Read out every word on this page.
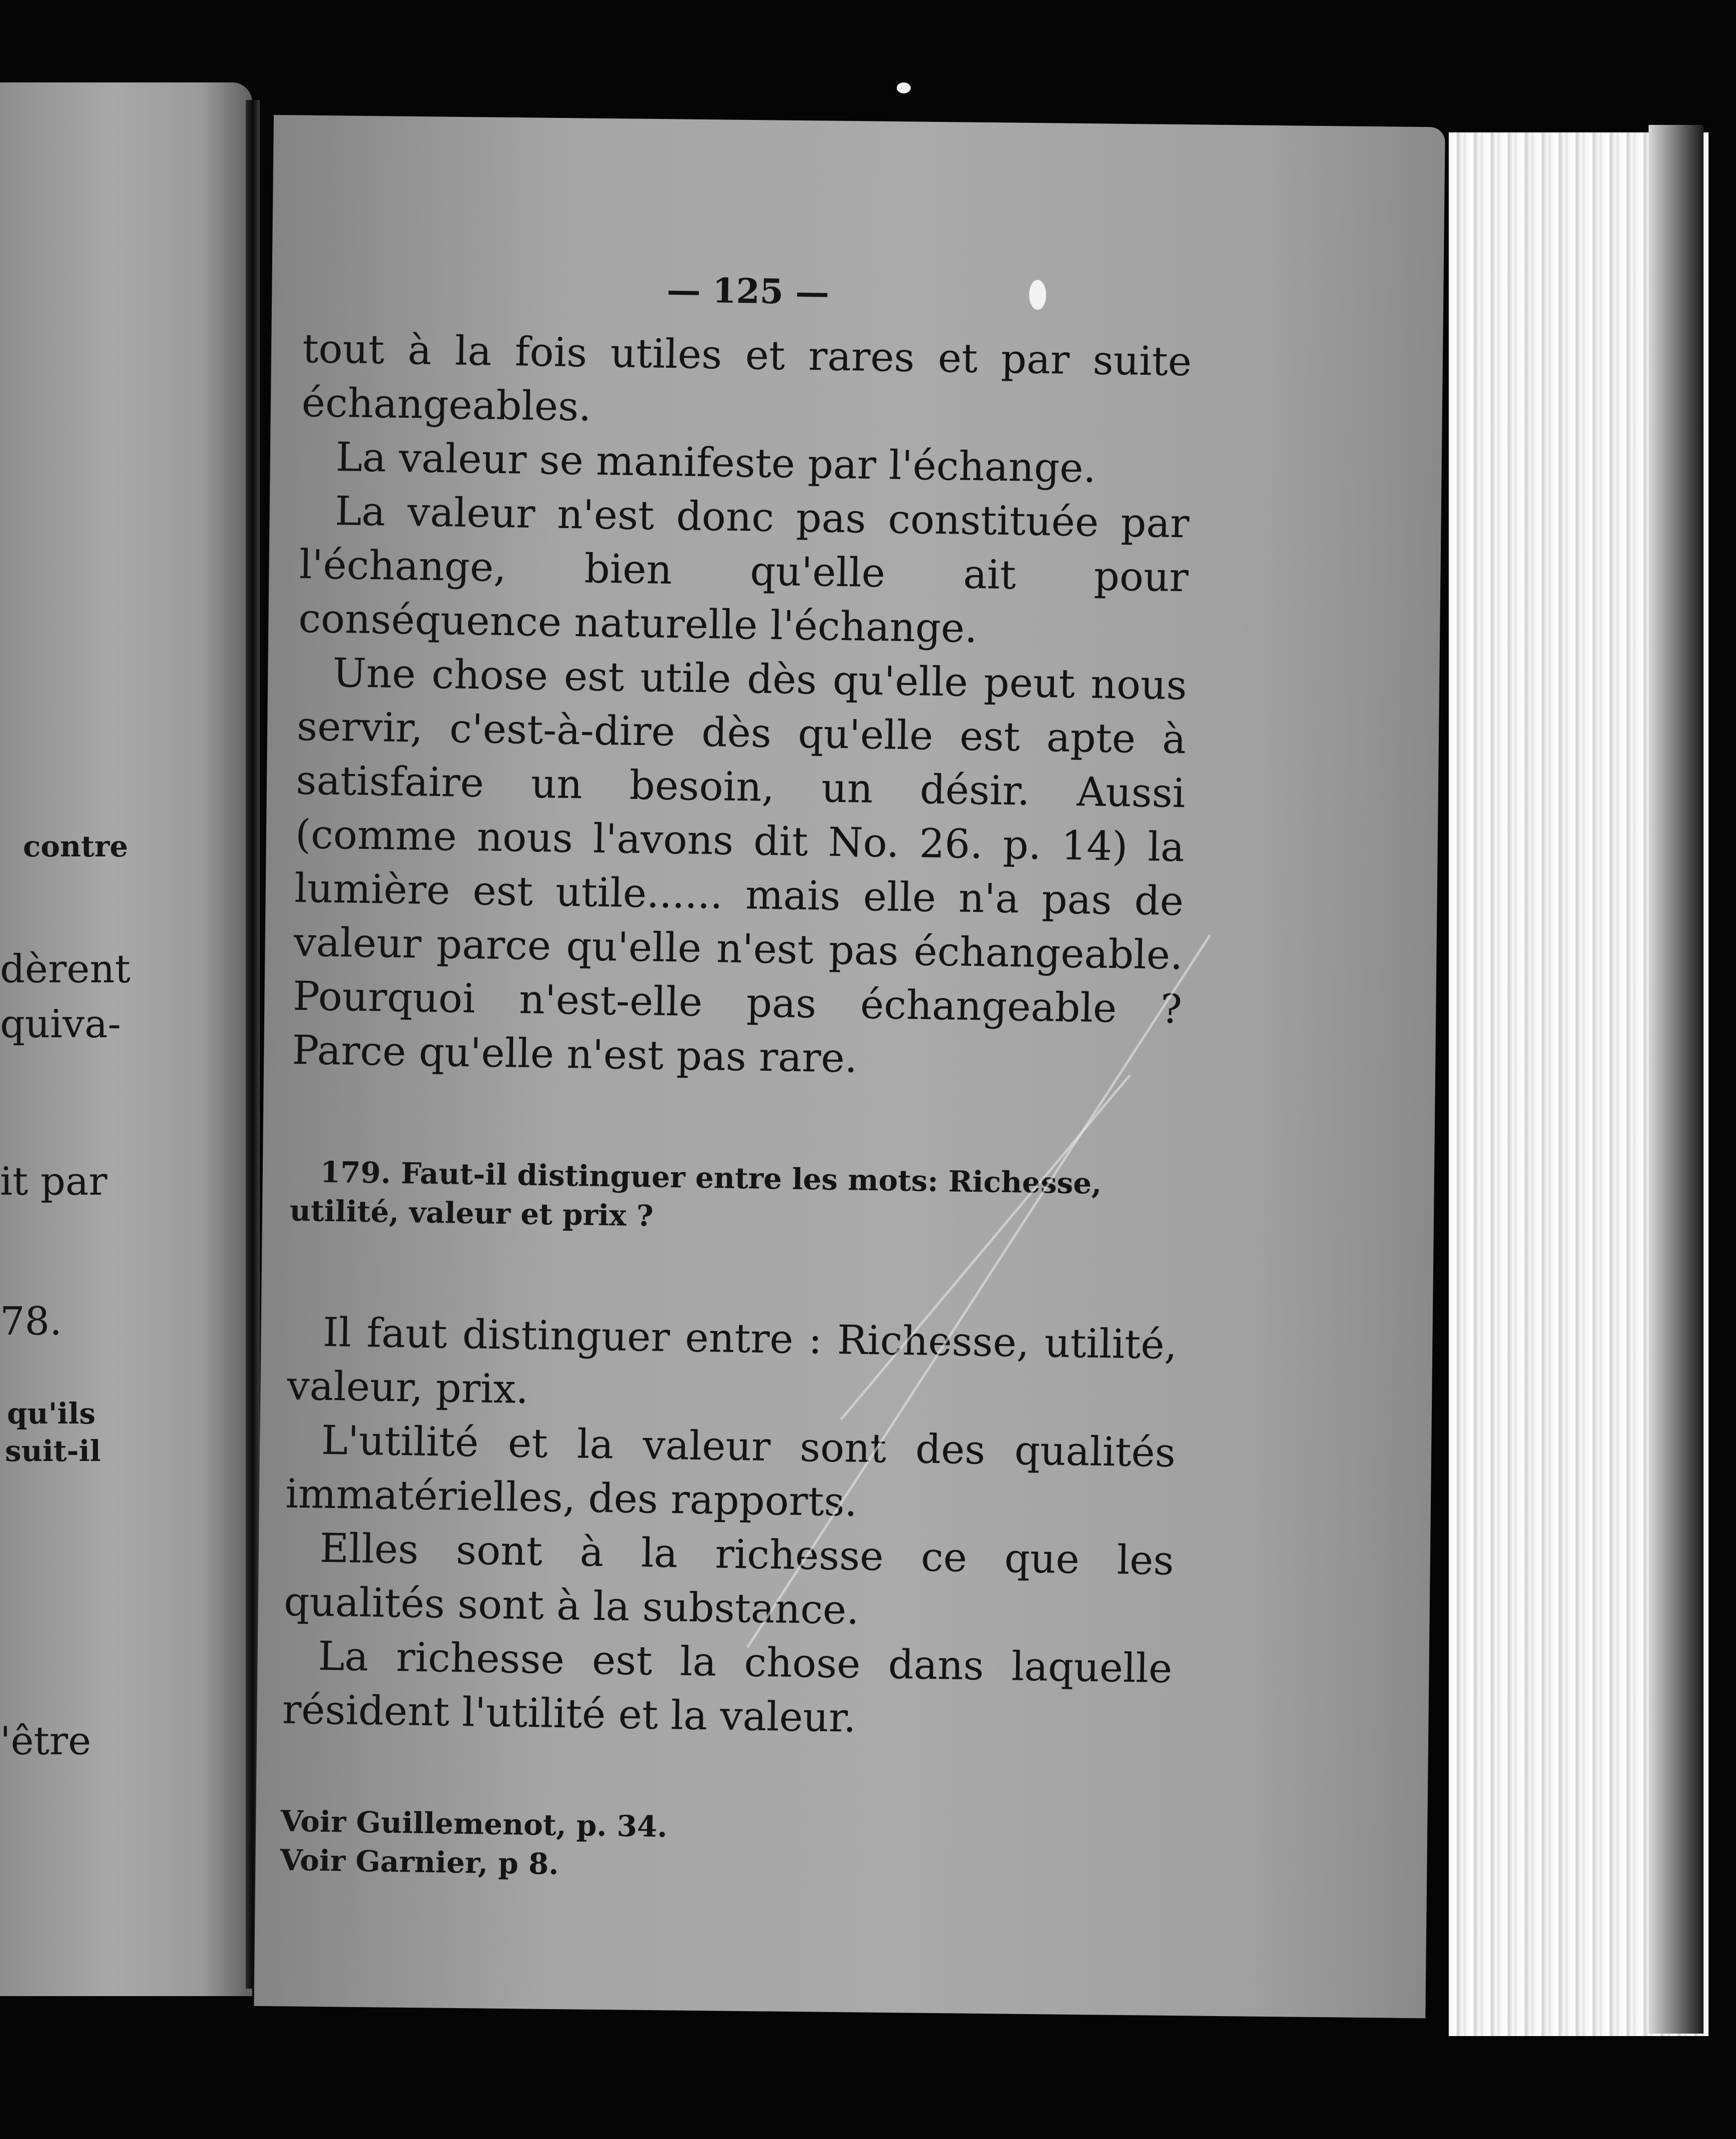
contre
dèrent
quiva-
it par
78.
qu'ils
suit-il
'être
— 125 —

tout à la fois utiles et rares et par suite échangeables.

La valeur se manifeste par l'échange.

La valeur n'est donc pas constituée par l'échange, bien qu'elle ait pour conséquence naturelle l'échange.

Une chose est utile dès qu'elle peut nous servir, c'est-à-dire dès qu'elle est apte à satisfaire un besoin, un désir. Aussi (comme nous l'avons dit No. 26. p. 14) la lumière est utile...... mais elle n'a pas de valeur parce qu'elle n'est pas échangeable. Pourquoi n'est-elle pas échangeable ? Parce qu'elle n'est pas rare.

179. Faut-il distinguer entre les mots: Richesse, utilité, valeur et prix ?

Il faut distinguer entre : Richesse, utilité, valeur, prix.

L'utilité et la valeur sont des qualités immatérielles, des rapports.

Elles sont à la richesse ce que les qualités sont à la substance.

La richesse est la chose dans laquelle résident l'utilité et la valeur.

Voir Guillemenot, p. 34.

Voir Garnier, p 8.
